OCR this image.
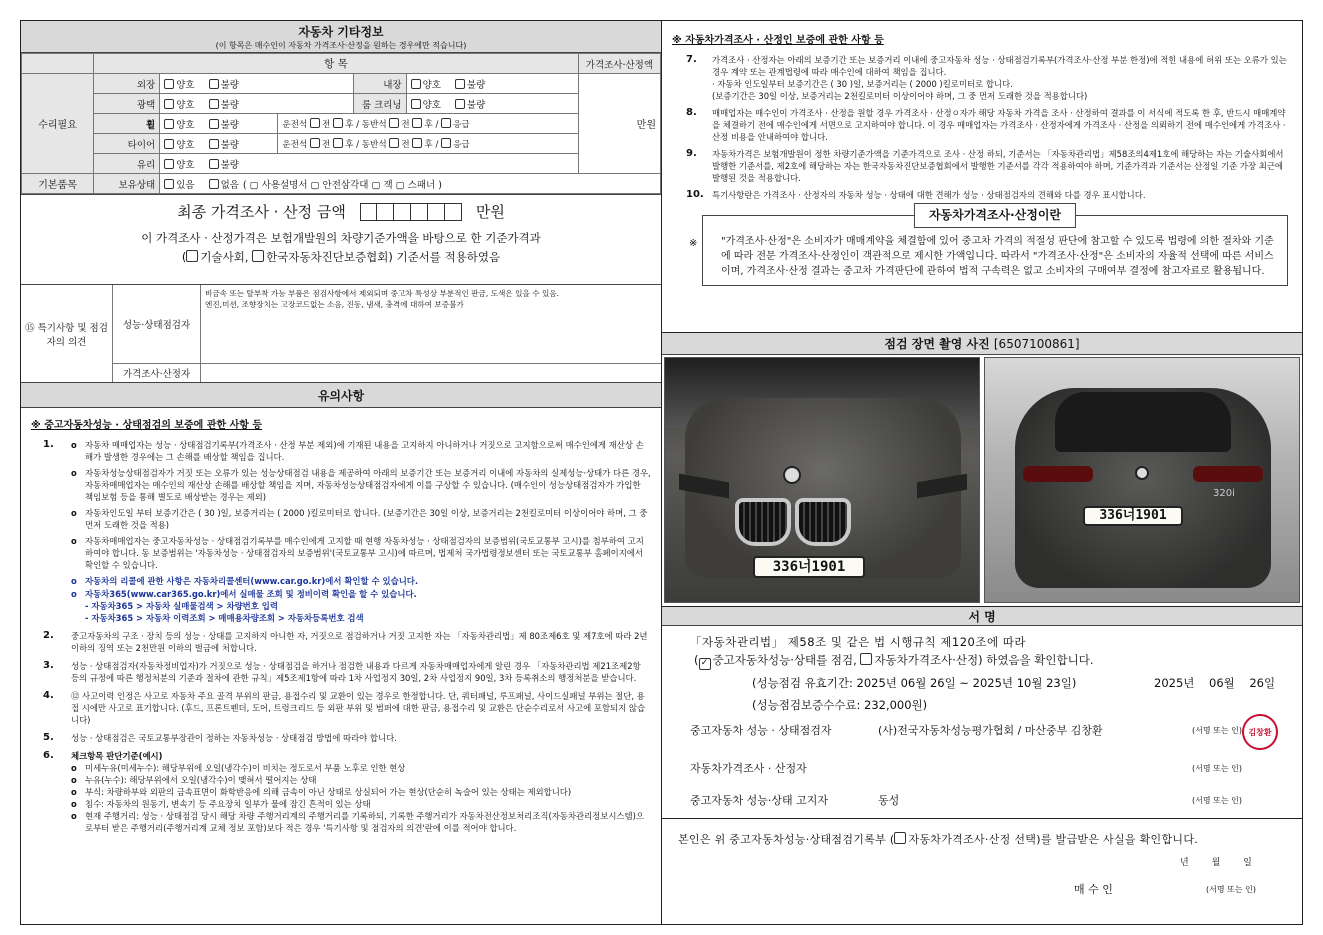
자동차 기타정보
(이 항목은 매수인이 자동차 가격조사·산정을 원하는 경우에만 적습니다)
	항 목					가격조사·산정액
수리필요	외장	양호 불량		내장	양호 불량	만원
	광택	양호 불량		룸 크리닝	양호 불량	
	휠	양호 불량	운전석 전 후 / 동반석 전 후 / 응급			
	타이어	양호 불량	운전석 전 후 / 동반석 전 후 / 응급			
	유리	양호 불량				
기본품목	보유상태	있음 없음 ( ▢ 사용설명서 ▢ 안전삼각대 ▢ 잭 ▢ 스패너 )				
최종 가격조사 · 산정 금액	만원
이 가격조사 · 산정가격은 보험개발원의 차량기준가액을 바탕으로 한 기준가격과
( 기술사회, 한국자동차진단보증협회) 기준서를 적용하였음
⑮ 특기사항 및 점검자의 의견
성능·상태점검자
비금속 또는 탈부착 가능 부품은 점검사항에서 제외되며 중고차 특성상 부분적인 판금, 도색은 있을 수 있음.
엔진,미션, 조향장치는 고장코드없는 소음, 진동, 냄새, 충격에 대하여 보증불가
가격조사·산정자
유의사항
※ 중고자동차성능 · 상태점검의 보증에 관한 사항 등
1.	o 자동차 매매업자는 성능 · 상태점검기록부(가격조사 · 산정 부분 제외)에 기재된 내용을 고지하지 아니하거나 거짓으로 고지함으로써 매수인에게 재산상 손해가 발생한 경우에는 그 손해를 배상할 책임을 집니다.
o 자동차성능상태점검자가 거짓 또는 오류가 있는 성능상태점검 내용을 제공하여 아래의 보증기간 또는 보증거리 이내에 자동차의 실제성능·상태가 다른 경우, 자동차매매업자는 매수인의 재산상 손해를 배상할 책임을 지며, 자동차성능상태점검자에게 이를 구상할 수 있습니다. (매수인이 성능상태점검자가 가입한 책임보험 등을 통해 별도로 배상받는 경우는 제외)
o 자동차인도일 부터 보증기간은 ( 30 )일, 보증거리는 ( 2000 )킬로미터로 합니다. (보증기간은 30일 이상, 보증거리는 2천킬로미터 이상이어야 하며, 그 중 먼저 도래한 것을 적용)
o 자동차매매업자는 중고자동차성능 · 상태점검기록부를 매수인에게 고지할 때 현행 자동차성능 · 상태점검자의 보증범위(국토교통부 고시)를 첨부하여 고지하여야 합니다. 동 보증범위는 '자동차성능 · 상태점검자의 보증범위'(국토교통부 고시)에 따르며, 법제처 국가법령정보센터 또는 국토교통부 홈페이지에서 확인할 수 있습니다.
o 자동차의 리콜에 관한 사항은 자동차리콜센터(www.car.go.kr)에서 확인할 수 있습니다.
o 자동차365(www.car365.go.kr)에서 실매물 조회 및 정비이력 확인을 할 수 있습니다.
- 자동차365 > 자동차 실매물검색 > 차량번호 입력
- 자동차365 > 자동차 이력조회 > 매매용차량조회 > 자동차등록번호 검색
2. 중고자동차의 구조 · 장치 등의 성능 · 상태를 고지하지 아니한 자, 거짓으로 점검하거나 거짓 고지한 자는 「자동차관리법」제 80조제6호 및 제7호에 따라 2년 이하의 징역 또는 2천만원 이하의 벌금에 처합니다.
3. 성능 · 상태점검자(자동차정비업자)가 거짓으로 성능 · 상태점검을 하거나 점검한 내용과 다르게 자동차매매업자에게 알린 경우 「자동차관리법 제21조제2항 등의 규정에 따른 행정처분의 기준과 절차에 관한 규칙」제5조제1항에 따라 1차 사업정지 30일, 2차 사업정지 90일, 3차 등록취소의 행정처분을 받습니다.
4. ⑫ 사고이력 인정은 사고로 자동차 주요 골격 부위의 판금, 용접수리 및 교환이 있는 경우로 한정합니다. 단, 쿼터패널, 루프패널, 사이드실패널 부위는 절단, 용접 시에만 사고로 표기합니다. (후드, 프론트펜더, 도어, 트렁크리드 등 외판 부위 및 범퍼에 대한 판금, 용접수리 및 교환은 단순수리로서 사고에 포함되지 않습니다)
5. 성능 · 상태점검은 국토교통부장관이 정하는 자동차성능 · 상태점검 방법에 따라야 합니다.
6. 체크항목 판단기준(예시)
o 미세누유(미세누수): 해당부위에 오일(냉각수)이 비치는 정도로서 부품 노후로 인한 현상
o 누유(누수): 해당부위에서 오일(냉각수)이 맺혀서 떨어지는 상태
o 부식: 차량하부와 외판의 금속표면이 화학반응에 의해 금속이 아닌 상태로 상실되어 가는 현상(단순히 녹슬어 있는 상태는 제외합니다)
o 침수: 자동차의 원동기, 변속기 등 주요장치 일부가 물에 잠긴 흔적이 있는 상태
o 현재 주행거리: 성능 · 상태점검 당시 해당 차량 주행거리계의 주행거리를 기록하되, 기록한 주행거리가 자동차전산정보처리조직(자동차관리정보시스템)으로부터 받은 주행거리(주행거리계 교체 정보 포함)보다 적은 경우 '특기사항 및 점검자의 의견'란에 이를 적어야 합니다.
※ 자동차가격조사 · 산정인 보증에 관한 사항 등
7. 가격조사 · 산정자는 아래의 보증기간 또는 보증거리 이내에 중고자동차 성능 · 상태점검기록부(가격조사·산정 부분 한정)에 적힌 내용에 허위 또는 오류가 있는 경우 계약 또는 관계법령에 따라 매수인에 대하여 책임을 집니다.
· 자동차 인도일부터 보증기간은 ( 30 )일, 보증거리는 ( 2000 )킬로미터로 합니다.
(보증기간은 30일 이상, 보증거리는 2천킬로미터 이상이어야 하며, 그 중 먼저 도래한 것을 적용합니다)
8. 매매업자는 매수인이 가격조사 · 산정을 원할 경우 가격조사 · 산정ㅇ자가 해당 자동차 가격을 조사 · 산정하여 결과를 이 서식에 적도록 한 후, 반드시 매매계약을 체결하기 전에 매수인에게 서면으로 고지하여야 합니다. 이 경우 매매업자는 가격조사 · 산정자에게 가격조사 · 산정을 의뢰하기 전에 매수인에게 가격조사 · 산정 비용을 안내하여야 합니다.
9. 자동차가격은 보험개발원이 정한 차량기준가액을 기준가격으로 조사 · 산정 하되, 기준서는 「자동차관리법」제58조의4제1호에 해당하는 자는 기술사회에서 발행한 기준서를, 제2호에 해당하는 자는 한국자동차진단보증협회에서 발행한 기준서를 각각 적용하여야 하며, 기준가격과 기준서는 산정일 기준 가장 최근에 발행된 것을 적용합니다.
10. 특기사항란은 가격조사 · 산정자의 자동차 성능 · 상태에 대한 견해가 성능 · 상태점검자의 견해와 다를 경우 표시합니다.
자동차가격조사·산정이란
※ "가격조사·산정"은 소비자가 매매계약을 체결함에 있어 중고차 가격의 적절성 판단에 참고할 수 있도록 법령에 의한 절차와 기준에 따라 전문 가격조사·산정인이 객관적으로 제시한 가액입니다. 따라서 "가격조사·산정"은 소비자의 자율적 선택에 따른 서비스이며, 가격조사·산정 결과는 중고차 가격판단에 관하여 법적 구속력은 없고 소비자의 구매여부 결정에 참고자료로 활용됩니다.
점검 장면 촬영 사진 [6507100861]
336너1901
320i
336너1901
서 명
「자동차관리법」 제58조 및 같은 법 시행규칙 제120조에 따라
( ✓ 중고자동차성능·상태를 점검, 자동차가격조사·산정) 하였음을 확인합니다.
(성능점검 유효기간: 2025년 06월 26일 ~ 2025년 10월 23일)	2025년    06월    26일
(성능점검보증수수료: 232,000원)
중고자동차 성능 · 상태점검자	(사)전국자동차성능평가협회 / 마산중부 김창환	(서명 또는 인) 김창환
자동차가격조사 · 산정자	(서명 또는 인)
중고자동차 성능·상태 고지자	동성	(서명 또는 인)
본인은 위 중고자동차성능·상태점검기록부 ( 자동차가격조사·산정 선택)를 발급받은 사실을 확인합니다.
년        월        일
매 수 인	(서명 또는 인)
